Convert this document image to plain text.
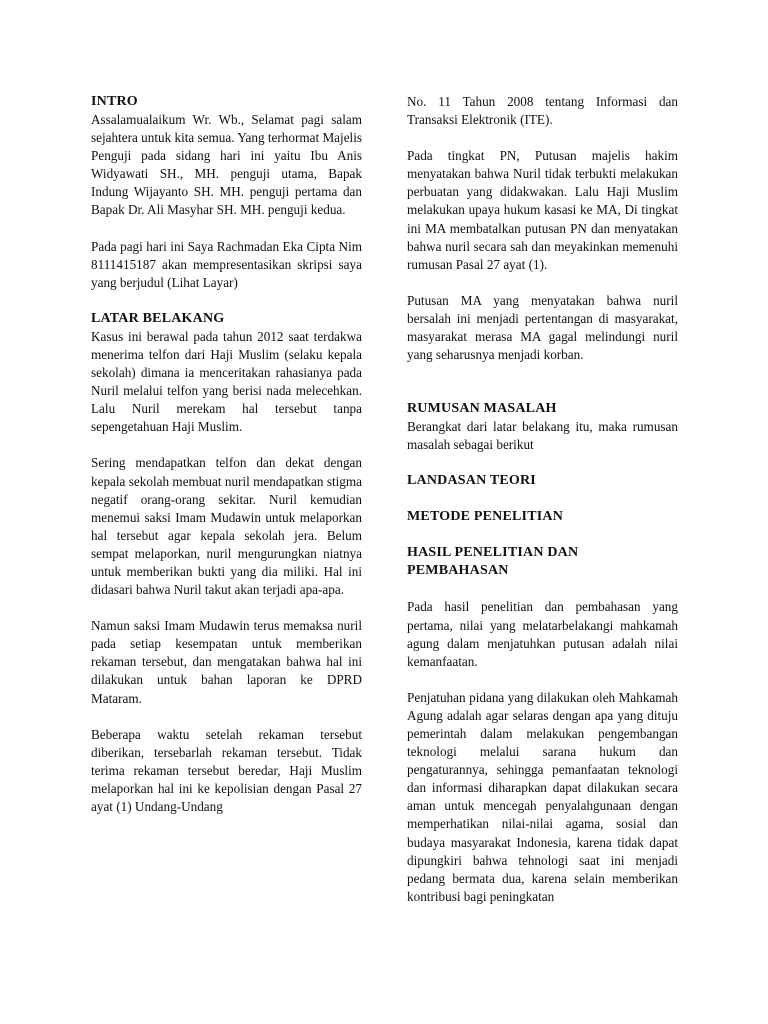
INTRO

Assalamualaikum Wr. Wb., Selamat pagi salam sejahtera untuk kita semua. Yang terhormat Majelis Penguji pada sidang hari ini yaitu Ibu Anis Widyawati SH., MH. penguji utama, Bapak Indung Wijayanto SH. MH. penguji pertama dan Bapak Dr. Ali Masyhar SH. MH. penguji kedua.

Pada pagi hari ini Saya Rachmadan Eka Cipta Nim 8111415187 akan mempresentasikan skripsi saya yang berjudul (Lihat Layar)

LATAR BELAKANG

Kasus ini berawal pada tahun 2012 saat terdakwa menerima telfon dari Haji Muslim (selaku kepala sekolah) dimana ia menceritakan rahasianya pada Nuril melalui telfon yang berisi nada melecehkan. Lalu Nuril merekam hal tersebut tanpa sepengetahuan Haji Muslim.

Sering mendapatkan telfon dan dekat dengan kepala sekolah membuat nuril mendapatkan stigma negatif orang-orang sekitar. Nuril kemudian menemui saksi Imam Mudawin untuk melaporkan hal tersebut agar kepala sekolah jera. Belum sempat melaporkan, nuril mengurungkan niatnya untuk memberikan bukti yang dia miliki. Hal ini didasari bahwa Nuril takut akan terjadi apa-apa.

Namun saksi Imam Mudawin terus memaksa nuril pada setiap kesempatan untuk memberikan rekaman tersebut, dan mengatakan bahwa hal ini dilakukan untuk bahan laporan ke DPRD Mataram.

Beberapa waktu setelah rekaman tersebut diberikan, tersebarlah rekaman tersebut. Tidak terima rekaman tersebut beredar, Haji Muslim melaporkan hal ini ke kepolisian dengan Pasal 27 ayat (1) Undang-Undang

No. 11 Tahun 2008 tentang Informasi dan Transaksi Elektronik (ITE).

Pada tingkat PN, Putusan majelis hakim menyatakan bahwa Nuril tidak terbukti melakukan perbuatan yang didakwakan. Lalu Haji Muslim melakukan upaya hukum kasasi ke MA, Di tingkat ini MA membatalkan putusan PN dan menyatakan bahwa nuril secara sah dan meyakinkan memenuhi rumusan Pasal 27 ayat (1).

Putusan MA yang menyatakan bahwa nuril bersalah ini menjadi pertentangan di masyarakat, masyarakat merasa MA gagal melindungi nuril yang seharusnya menjadi korban.

RUMUSAN MASALAH

Berangkat dari latar belakang itu, maka rumusan masalah sebagai berikut

LANDASAN TEORI

METODE PENELITIAN

HASIL PENELITIAN DAN PEMBAHASAN

Pada hasil penelitian dan pembahasan yang pertama, nilai yang melatarbelakangi mahkamah agung dalam menjatuhkan putusan adalah nilai kemanfaatan.

Penjatuhan pidana yang dilakukan oleh Mahkamah Agung adalah agar selaras dengan apa yang dituju pemerintah dalam melakukan pengembangan teknologi melalui sarana hukum dan pengaturannya, sehingga pemanfaatan teknologi dan informasi diharapkan dapat dilakukan secara aman untuk mencegah penyalahgunaan dengan memperhatikan nilai-nilai agama, sosial dan budaya masyarakat Indonesia, karena tidak dapat dipungkiri bahwa tehnologi saat ini menjadi pedang bermata dua, karena selain memberikan kontribusi bagi peningkatan
